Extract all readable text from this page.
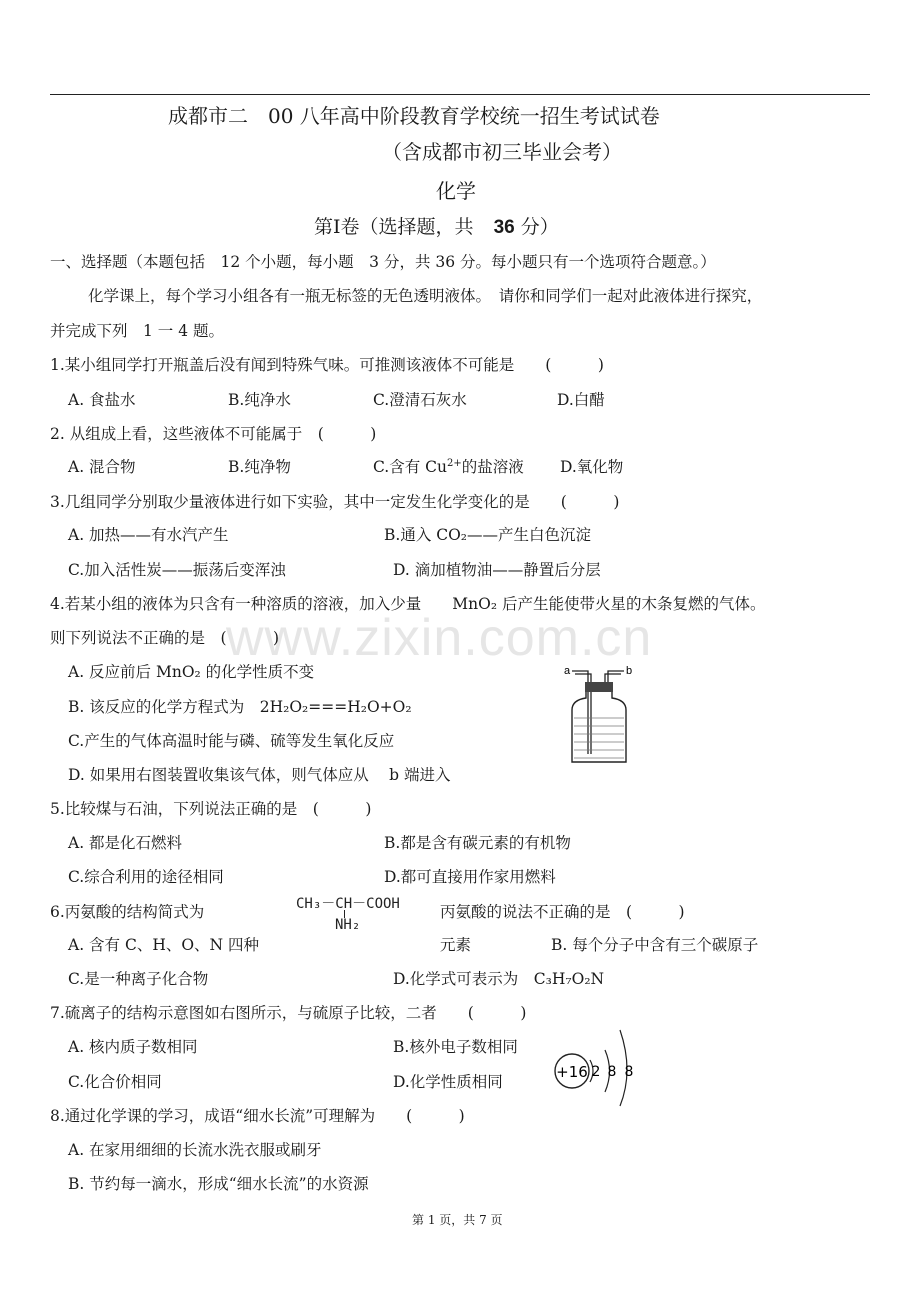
成都市二　00 八年高中阶段教育学校统一招生考试试卷
（含成都市初三毕业会考）
化学
第Ⅰ卷（选择题，共 36 分）
一、选择题（本题包括　12 个小题，每小题　3 分，共 36 分。每小题只有一个选项符合题意。）
化学课上，每个学习小组各有一瓶无标签的无色透明液体。　请你和同学们一起对此液体进行探究，
并完成下列　1 一 4 题。
1.某小组同学打开瓶盖后没有闻到特殊气味。可推测该液体不可能是　　(　　　)
A. 食盐水	B.纯净水	C.澄清石灰水	D.白醋
2. 从组成上看，这些液体不可能属于　(　　　)
A. 混合物	B.纯净物	C.含有 $Cu^{2+}$的盐溶液 D.氧化物
3.几组同学分别取少量液体进行如下实验，其中一定发生化学变化的是　　(　　　)
A. 加热——有水汽产生	B.通入 CO₂——产生白色沉淀
C.加入活性炭——振荡后变浑浊	D. 滴加植物油——静置后分层
www.zixin.com.cn
4.若某小组的液体为只含有一种溶质的溶液，加入少量　　MnO₂ 后产生能使带火星的木条复燃的气体。
则下列说法不正确的是　(　　　)
A. 反应前后 MnO₂ 的化学性质不变
B. 该反应的化学方程式为　2H₂O₂===H₂O+O₂
C.产生的气体高温时能与磷、硫等发生氧化反应
D. 如果用右图装置收集该气体，则气体应从　 b 端进入
a	b
5.比较煤与石油，下列说法正确的是　(　　　)
A. 都是化石燃料	B.都是含有碳元素的有机物
C.综合利用的途径相同	D.都可直接用作家用燃料
6.丙氨酸的结构简式为	CH₃－CH－COOH
NH₂
丙氨酸的说法不正确的是　(　　　)
A. 含有 C、H、O、N 四种	元素	B. 每个分子中含有三个碳原子
C.是一种离子化合物	D.化学式可表示为　C₃H₇O₂N
7.硫离子的结构示意图如右图所示，与硫原子比较，二者　　(　　　)
A. 核内质子数相同	B.核外电子数相同
C.化合价相同	D.化学性质相同
+16 2 8 8
8.通过化学课的学习，成语“细水长流”可理解为　　(　　　)
A. 在家用细细的长流水洗衣服或刷牙
B. 节约每一滴水，形成“细水长流”的水资源
第 1 页，共 7 页
